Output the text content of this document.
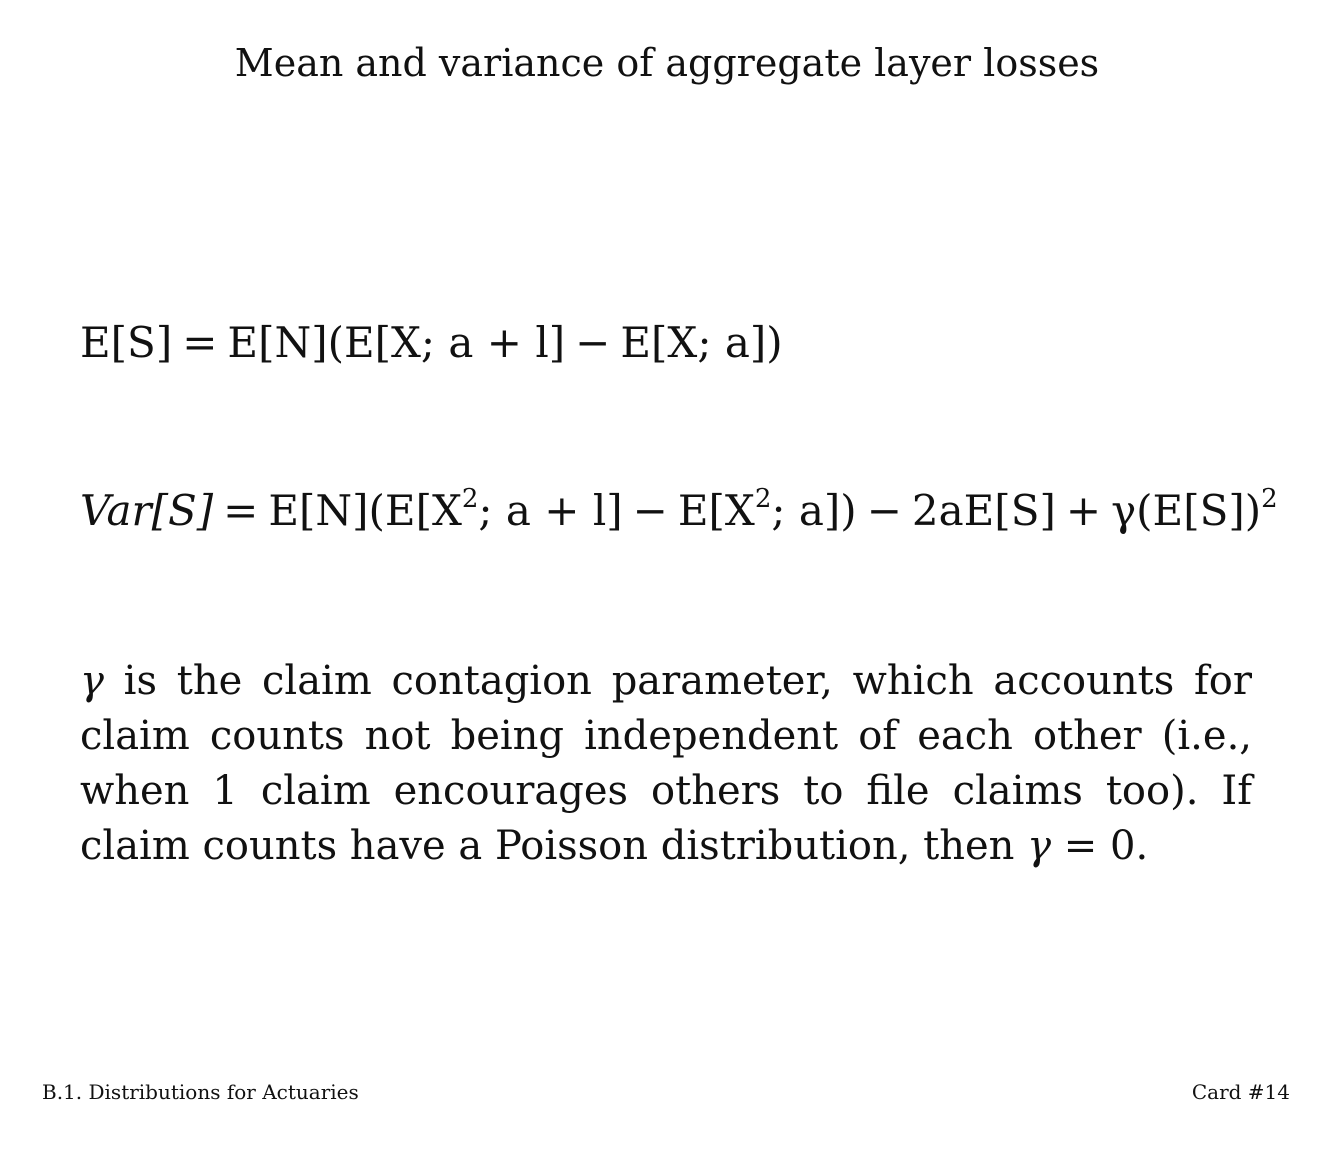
Mean and variance of aggregate layer losses
E[S] = E[N](E[X; a + l] − E[X; a])
$Var[S] = E[N](E[X^2$; $a + l] - E[X^2$; $a]) - 2aE[S] + \gamma(E[S])^2$
γ is the claim contagion parameter, which accounts for claim counts not being independent of each other (i.e., when 1 claim encourages others to file claims too). If claim counts have a Poisson distribution, then γ = 0.
B.1. Distributions for Actuaries	Card #14
